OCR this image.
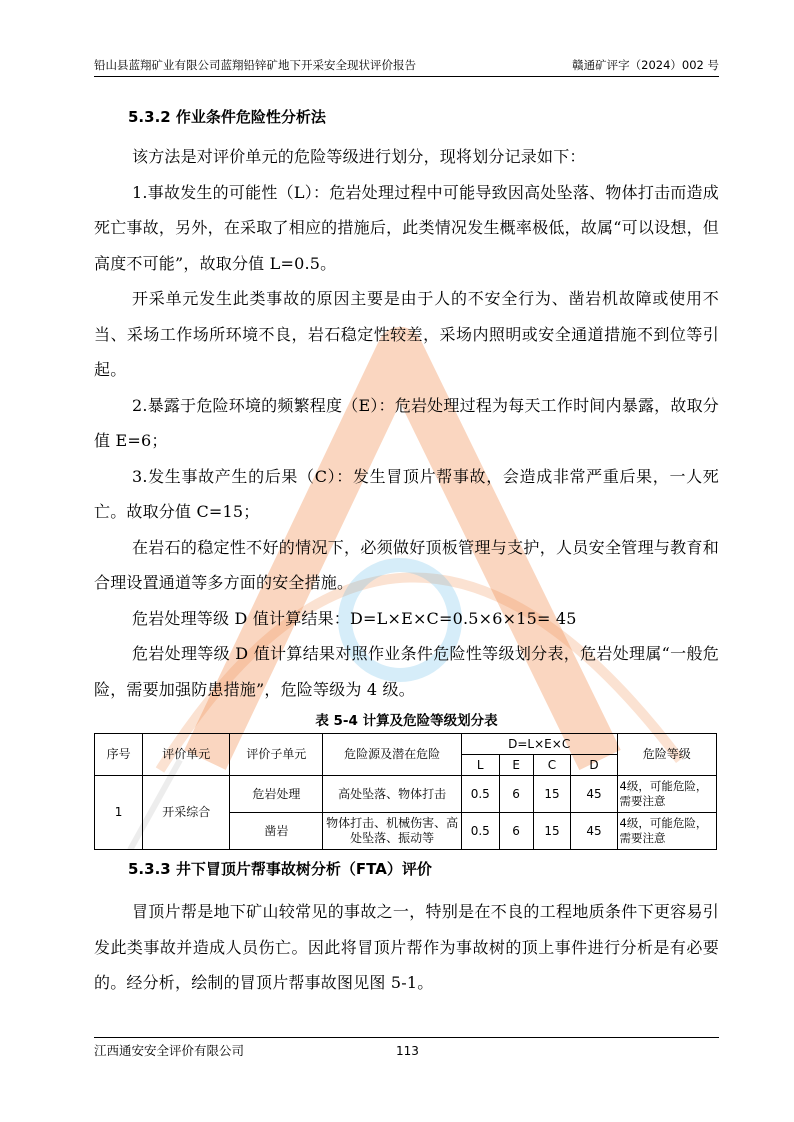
铅山县蓝翔矿业有限公司蓝翔铅锌矿地下开采安全现状评价报告	赣通矿评字（2024）002 号
5.3.2 作业条件危险性分析法

该方法是对评价单元的危险等级进行划分，现将划分记录如下：

1.事故发生的可能性（L）：危岩处理过程中可能导致因高处坠落、物体打击而造成死亡事故，另外，在采取了相应的措施后，此类情况发生概率极低，故属“可以设想，但高度不可能”，故取分值 L=0.5。

开采单元发生此类事故的原因主要是由于人的不安全行为、凿岩机故障或使用不当、采场工作场所环境不良，岩石稳定性较差，采场内照明或安全通道措施不到位等引起。

2.暴露于危险环境的频繁程度（E）：危岩处理过程为每天工作时间内暴露，故取分值 E=6；

3.发生事故产生的后果（C）：发生冒顶片帮事故，会造成非常严重后果，一人死亡。故取分值 C=15；

在岩石的稳定性不好的情况下，必须做好顶板管理与支护，人员安全管理与教育和合理设置通道等多方面的安全措施。

危岩处理等级 D 值计算结果：D=L×E×C=0.5×6×15= 45

危岩处理等级 D 值计算结果对照作业条件危险性等级划分表，危岩处理属“一般危险，需要加强防患措施”，危险等级为 4 级。

表 5-4 计算及危险等级划分表
序号	评价单元	评价子单元	危险源及潜在危险	D=L×E×C				危险等级
				L	E	C	D	
1	开采综合	危岩处理	高处坠落、物体打击	0.5	6	15	45	4级，可能危险，需要注意
		凿岩	物体打击、机械伤害、高处坠落、振动等	0.5	6	15	45	4级，可能危险，需要注意
5.3.3 井下冒顶片帮事故树分析（FTA）评价

冒顶片帮是地下矿山较常见的事故之一，特别是在不良的工程地质条件下更容易引发此类事故并造成人员伤亡。因此将冒顶片帮作为事故树的顶上事件进行分析是有必要的。经分析，绘制的冒顶片帮事故图见图 5-1。

江西通安安全评价有限公司	113
